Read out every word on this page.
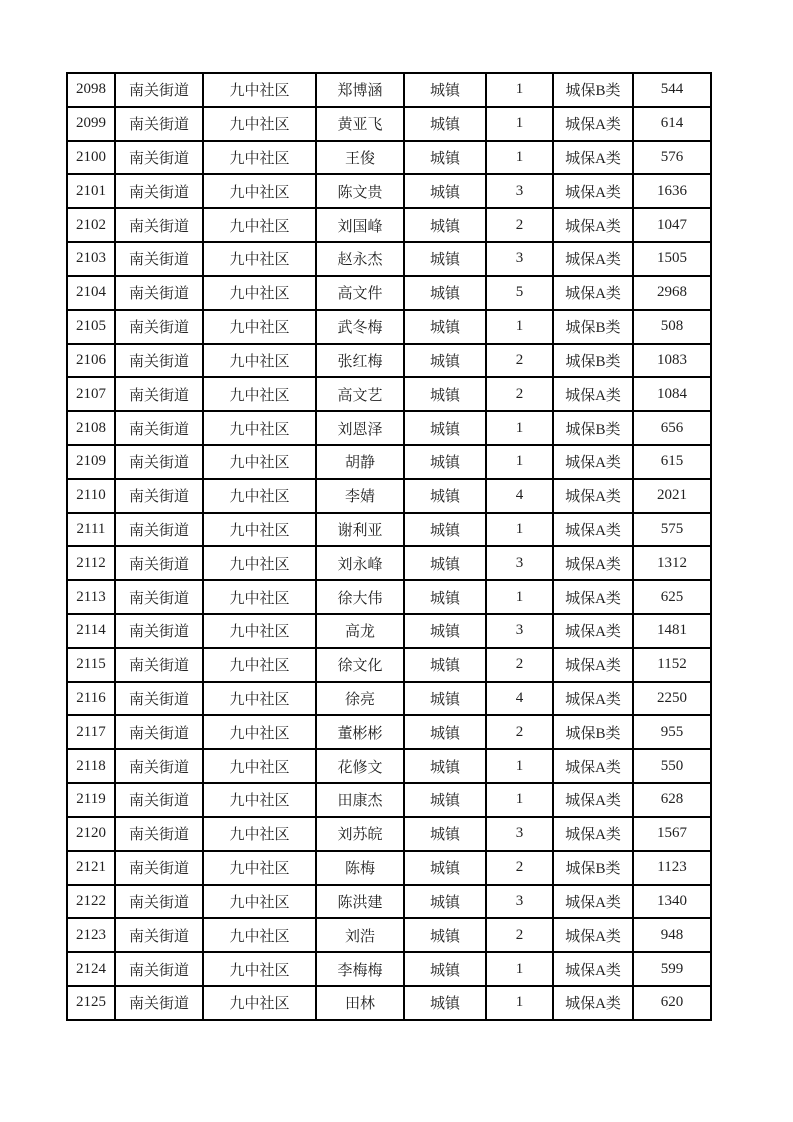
2098	南关街道	九中社区	郑博涵	城镇	1	城保B类	544
2099	南关街道	九中社区	黄亚飞	城镇	1	城保A类	614
2100	南关街道	九中社区	王俊	城镇	1	城保A类	576
2101	南关街道	九中社区	陈文贵	城镇	3	城保A类	1636
2102	南关街道	九中社区	刘国峰	城镇	2	城保A类	1047
2103	南关街道	九中社区	赵永杰	城镇	3	城保A类	1505
2104	南关街道	九中社区	高文件	城镇	5	城保A类	2968
2105	南关街道	九中社区	武冬梅	城镇	1	城保B类	508
2106	南关街道	九中社区	张红梅	城镇	2	城保B类	1083
2107	南关街道	九中社区	高文艺	城镇	2	城保A类	1084
2108	南关街道	九中社区	刘恩泽	城镇	1	城保B类	656
2109	南关街道	九中社区	胡静	城镇	1	城保A类	615
2110	南关街道	九中社区	李婧	城镇	4	城保A类	2021
2111	南关街道	九中社区	谢利亚	城镇	1	城保A类	575
2112	南关街道	九中社区	刘永峰	城镇	3	城保A类	1312
2113	南关街道	九中社区	徐大伟	城镇	1	城保A类	625
2114	南关街道	九中社区	高龙	城镇	3	城保A类	1481
2115	南关街道	九中社区	徐文化	城镇	2	城保A类	1152
2116	南关街道	九中社区	徐亮	城镇	4	城保A类	2250
2117	南关街道	九中社区	董彬彬	城镇	2	城保B类	955
2118	南关街道	九中社区	花修文	城镇	1	城保A类	550
2119	南关街道	九中社区	田康杰	城镇	1	城保A类	628
2120	南关街道	九中社区	刘苏皖	城镇	3	城保A类	1567
2121	南关街道	九中社区	陈梅	城镇	2	城保B类	1123
2122	南关街道	九中社区	陈洪建	城镇	3	城保A类	1340
2123	南关街道	九中社区	刘浩	城镇	2	城保A类	948
2124	南关街道	九中社区	李梅梅	城镇	1	城保A类	599
2125	南关街道	九中社区	田林	城镇	1	城保A类	620
